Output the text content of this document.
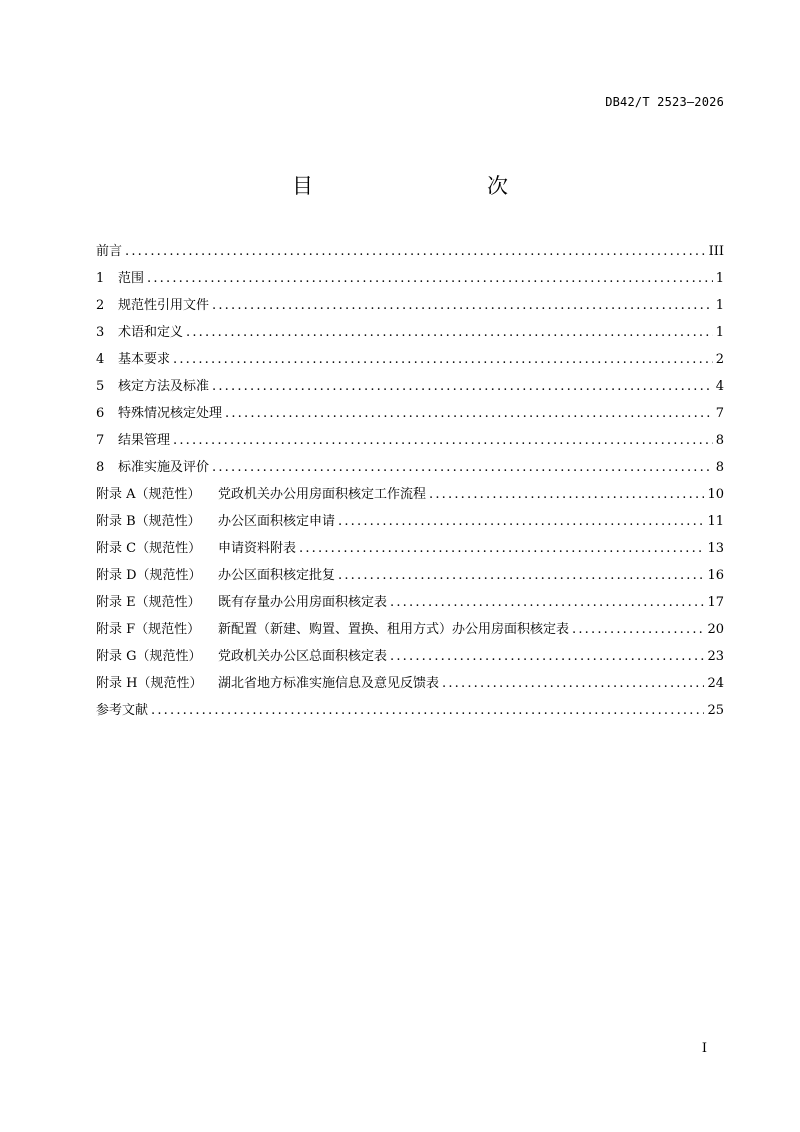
DB42/T 2523—2026
目　　次
前言 .....	III
1	范围 .....	1
2	规范性引用文件 .....	1
3	术语和定义 .....	1
4	基本要求 .....	2
5	核定方法及标准 .....	4
6	特殊情况核定处理 .....	7
7	结果管理 .....	8
8	标准实施及评价 .....	8
附录 A（规范性）	党政机关办公用房面积核定工作流程 .....	10
附录 B（规范性）	办公区面积核定申请 .....	11
附录 C（规范性）	申请资料附表 .....	13
附录 D（规范性）	办公区面积核定批复 .....	16
附录 E（规范性）	既有存量办公用房面积核定表 .....	17
附录 F（规范性）	新配置（新建、购置、置换、租用方式）办公用房面积核定表 .....	20
附录 G（规范性）	党政机关办公区总面积核定表 .....	23
附录 H（规范性）	湖北省地方标准实施信息及意见反馈表 .....	24
参考文献 .....	25
I
